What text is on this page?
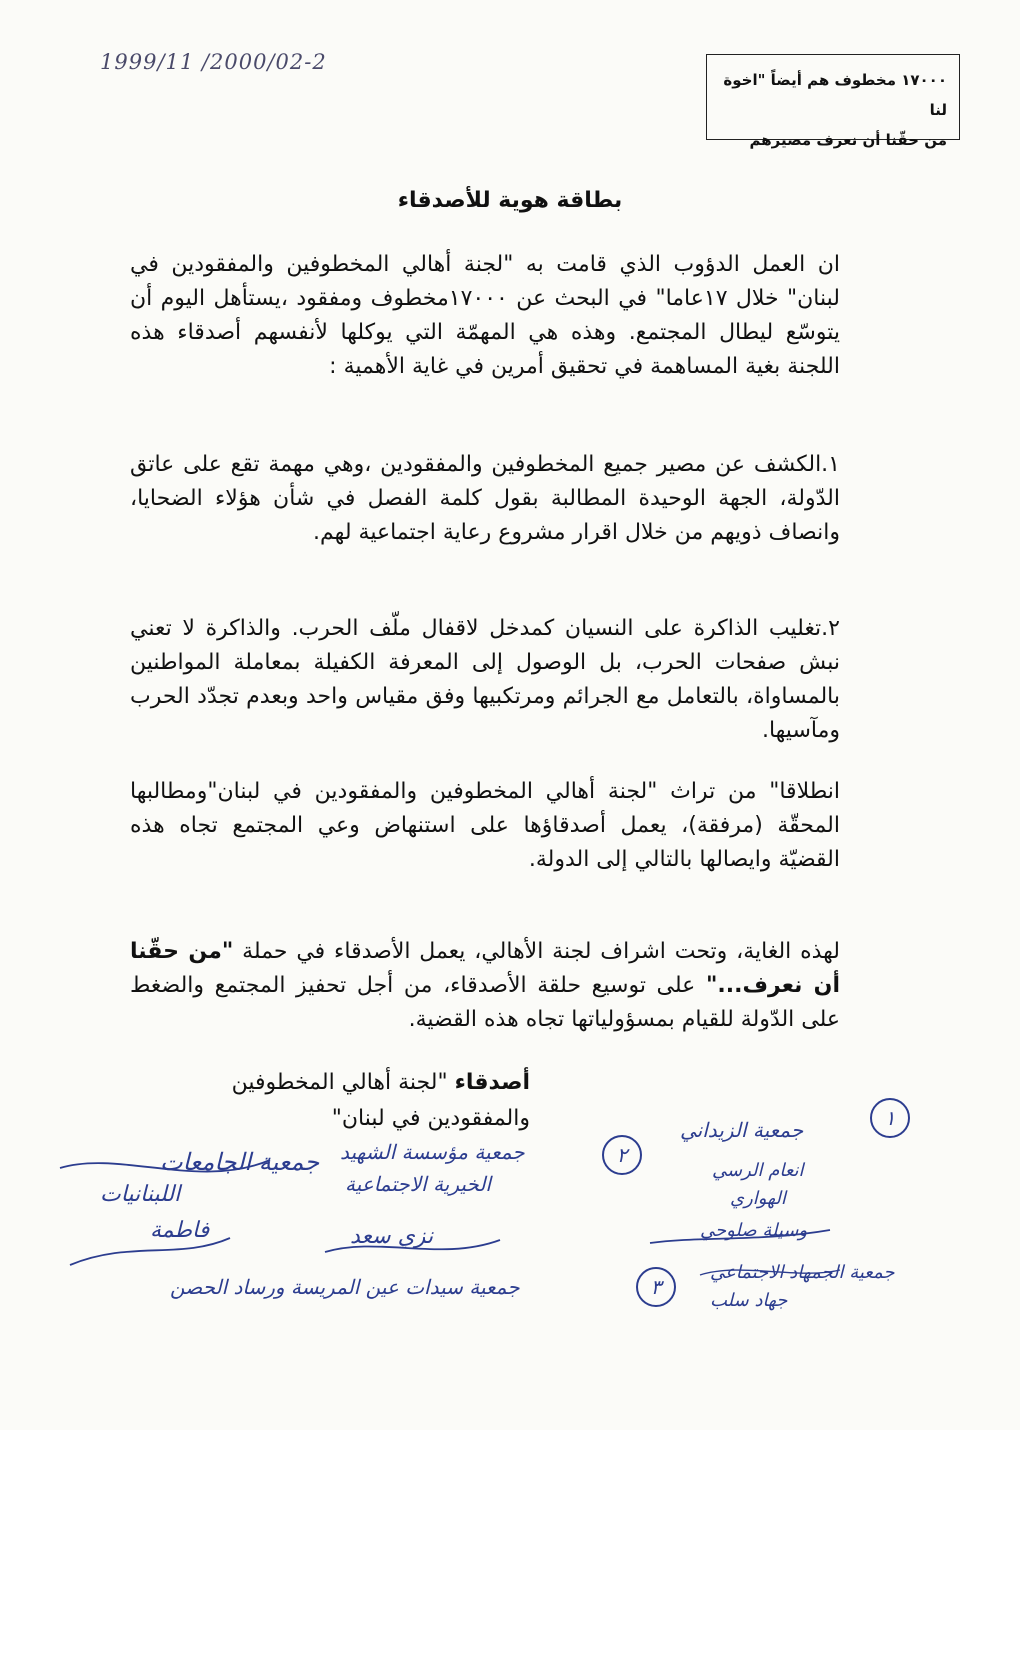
1999/11 /2000/02-2
١٧٠٠٠ مخطوف هم أيضاً "اخوة لنا
من حقّنا أن نعرف مصيرهم
بطاقة هوية للأصدقاء
ان العمل الدؤوب الذي قامت به "لجنة أهالي المخطوفين والمفقودين في لبنان" خلال ١٧عاما" في البحث عن ١٧٠٠٠مخطوف ومفقود ،يستأهل اليوم أن يتوسّع ليطال المجتمع. وهذه هي المهمّة التي يوكلها لأنفسهم أصدقاء هذه اللجنة بغية المساهمة في تحقيق أمرين في غاية الأهمية :
١.الكشف عن مصير جميع المخطوفين والمفقودين ،وهي مهمة تقع على عاتق الدّولة، الجهة الوحيدة المطالبة بقول كلمة الفصل في شأن هؤلاء الضحايا، وانصاف ذويهم من خلال اقرار مشروع رعاية اجتماعية لهم.
٢.تغليب الذاكرة على النسيان كمدخل لاقفال ملّف الحرب. والذاكرة لا تعني نبش صفحات الحرب، بل الوصول إلى المعرفة الكفيلة بمعاملة المواطنين بالمساواة، بالتعامل مع الجرائم ومرتكبيها وفق مقياس واحد وبعدم تجدّد الحرب ومآسيها.
انطلاقا" من تراث "لجنة أهالي المخطوفين والمفقودين في لبنان"ومطالبها المحقّة (مرفقة)، يعمل أصدقاؤها على استنهاض وعي المجتمع تجاه هذه القضيّة وايصالها بالتالي إلى الدولة.
لهذه الغاية، وتحت اشراف لجنة الأهالي، يعمل الأصدقاء في حملة "من حقّنا أن نعرف..." على توسيع حلقة الأصدقاء، من أجل تحفيز المجتمع والضغط على الدّولة للقيام بمسؤولياتها تجاه هذه القضية.
أصدقاء "لجنة أهالي المخطوفين
والمفقودين في لبنان"	١
٢
٣
جمعية الزيداني
انعام الرسي
الهواري
وسيلة صلوحي
جمعية مؤسسة الشهيد
الخيرية الاجتماعية
نزي سعد
جمعية الجامعات
اللبنانيات
فاطمة
جمعية الجمهاد الاجتماعي
جهاد سلب
جمعية سيدات عين المريسة ورساد الحصن
